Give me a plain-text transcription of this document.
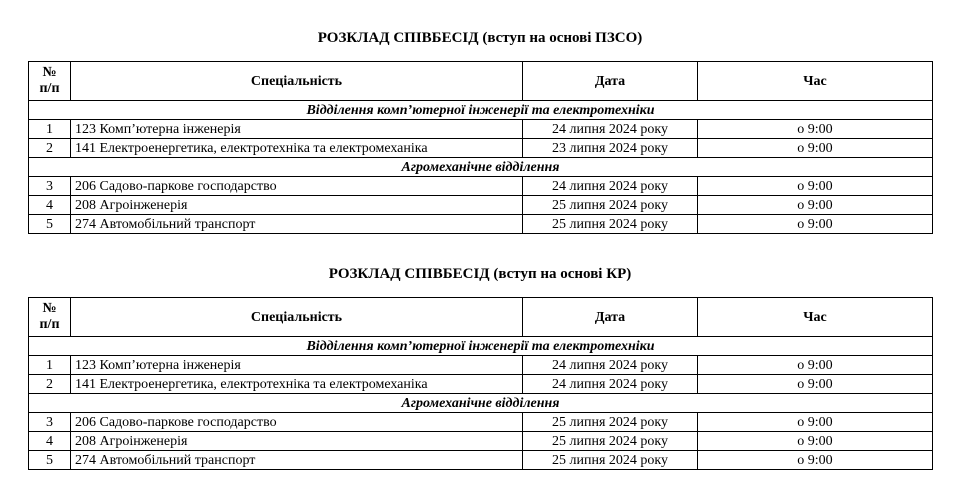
РОЗКЛАД СПІВБЕСІД (вступ на основі ПЗСО)
№
п/п	Спеціальність	Дата	Час
Відділення комп’ютерної інженерії та електротехніки			
1	123 Комп’ютерна інженерія	24 липня 2024 року	о 9:00
2	141 Електроенергетика, електротехніка та електромеханіка	23 липня 2024 року	о 9:00
Агромеханічне відділення			
3	206 Садово-паркове господарство	24 липня 2024 року	о 9:00
4	208 Агроінженерія	25 липня 2024 року	о 9:00
5	274 Автомобільний транспорт	25 липня 2024 року	о 9:00
РОЗКЛАД СПІВБЕСІД (вступ на основі КР)
№
п/п	Спеціальність	Дата	Час
Відділення комп’ютерної інженерії та електротехніки			
1	123 Комп’ютерна інженерія	24 липня 2024 року	о 9:00
2	141 Електроенергетика, електротехніка та електромеханіка	24 липня 2024 року	о 9:00
Агромеханічне відділення			
3	206 Садово-паркове господарство	25 липня 2024 року	о 9:00
4	208 Агроінженерія	25 липня 2024 року	о 9:00
5	274 Автомобільний транспорт	25 липня 2024 року	о 9:00
